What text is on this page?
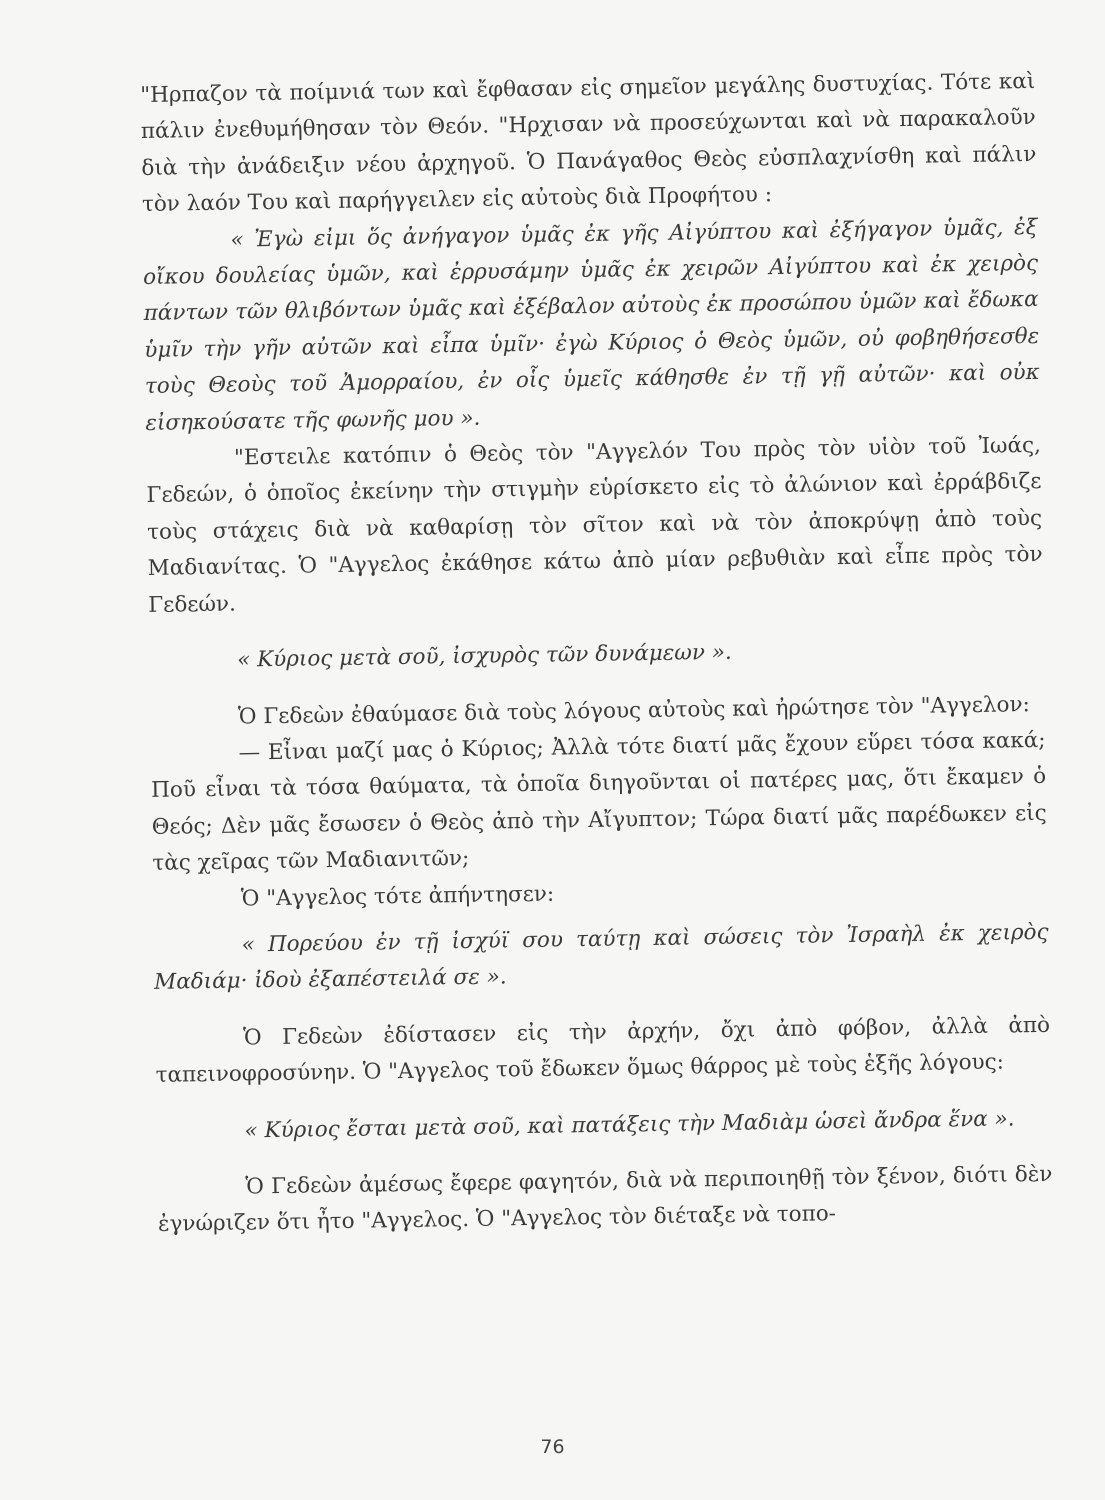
"Ηρπαζον τὰ ποίμνιά των καὶ ἔφθασαν εἰς σημεῖον μεγάλης δυστυχίας. Τότε καὶ πάλιν ἐνεθυμήθησαν τὸν Θεόν. "Ηρχισαν νὰ προσεύχωνται καὶ νὰ παρακαλοῦν διὰ τὴν ἀνάδειξιν νέου ἀρχηγοῦ. Ὁ Πανάγαθος Θεὸς εὐσπλαχνίσθη καὶ πάλιν τὸν λαόν Του καὶ παρήγγειλεν εἰς αὐτοὺς διὰ Προφήτου :

« Ἐγὼ εἰμι ὅς ἀνήγαγον ὑμᾶς ἐκ γῆς Αἰγύπτου καὶ ἐξήγαγον ὑμᾶς, ἐξ οἴκου δουλείας ὑμῶν, καὶ ἐρρυσάμην ὑμᾶς ἐκ χειρῶν Αἰγύπτου καὶ ἐκ χειρὸς πάντων τῶν θλιβόντων ὑμᾶς καὶ ἐξέβαλον αὐτοὺς ἐκ προσώπου ὑμῶν καὶ ἔδωκα ὑμῖν τὴν γῆν αὐτῶν καὶ εἶπα ὑμῖν· ἐγὼ Κύριος ὁ Θεὸς ὑμῶν, οὐ φοβηθήσεσθε τοὺς Θεοὺς τοῦ Ἀμορραίου, ἐν οἷς ὑμεῖς κάθησθε ἐν τῇ γῇ αὐτῶν· καὶ οὐκ εἰσηκούσατε τῆς φωνῆς μου ».

"Εστειλε κατόπιν ὁ Θεὸς τὸν "Αγγελόν Του πρὸς τὸν υἱὸν τοῦ Ἰωάς, Γεδεών, ὁ ὁποῖος ἐκείνην τὴν στιγμὴν εὑρίσκετο εἰς τὸ ἀλώνιον καὶ ἐρράβδιζε τοὺς στάχεις διὰ νὰ καθαρίσῃ τὸν σῖτον καὶ νὰ τὸν ἀποκρύψῃ ἀπὸ τοὺς Μαδιανίτας. Ὁ "Αγγελος ἐκάθησε κάτω ἀπὸ μίαν ρεβυθιὰν καὶ εἶπε πρὸς τὸν Γεδεών.

« Κύριος μετὰ σοῦ, ἰσχυρὸς τῶν δυνάμεων ».

Ὁ Γεδεὼν ἐθαύμασε διὰ τοὺς λόγους αὐτοὺς καὶ ἠρώτησε τὸν "Αγγελον:

— Εἶναι μαζί μας ὁ Κύριος; Ἀλλὰ τότε διατί μᾶς ἔχουν εὕρει τόσα κακά; Ποῦ εἶναι τὰ τόσα θαύματα, τὰ ὁποῖα διηγοῦνται οἱ πατέρες μας, ὅτι ἔκαμεν ὁ Θεός; Δὲν μᾶς ἔσωσεν ὁ Θεὸς ἀπὸ τὴν Αἴγυπτον; Τώρα διατί μᾶς παρέδωκεν εἰς τὰς χεῖρας τῶν Μαδιανιτῶν;

Ὁ "Αγγελος τότε ἀπήντησεν:

« Πορεύου ἐν τῇ ἰσχύϊ σου ταύτῃ καὶ σώσεις τὸν Ἰσραὴλ ἐκ χειρὸς Μαδιάμ· ἰδοὺ ἐξαπέστειλά σε ».

Ὁ Γεδεὼν ἐδίστασεν εἰς τὴν ἀρχήν, ὄχι ἀπὸ φόβον, ἀλλὰ ἀπὸ ταπεινοφροσύνην. Ὁ "Αγγελος τοῦ ἔδωκεν ὅμως θάρρος μὲ τοὺς ἑξῆς λόγους:

« Κύριος ἔσται μετὰ σοῦ, καὶ πατάξεις τὴν Μαδιὰμ ὡσεὶ ἄνδρα ἕνα ».

Ὁ Γεδεὼν ἀμέσως ἔφερε φαγητόν, διὰ νὰ περιποιηθῇ τὸν ξένον, διότι δὲν ἐγνώριζεν ὅτι ἦτο "Αγγελος. Ὁ "Αγγελος τὸν διέταξε νὰ τοπο-

76
